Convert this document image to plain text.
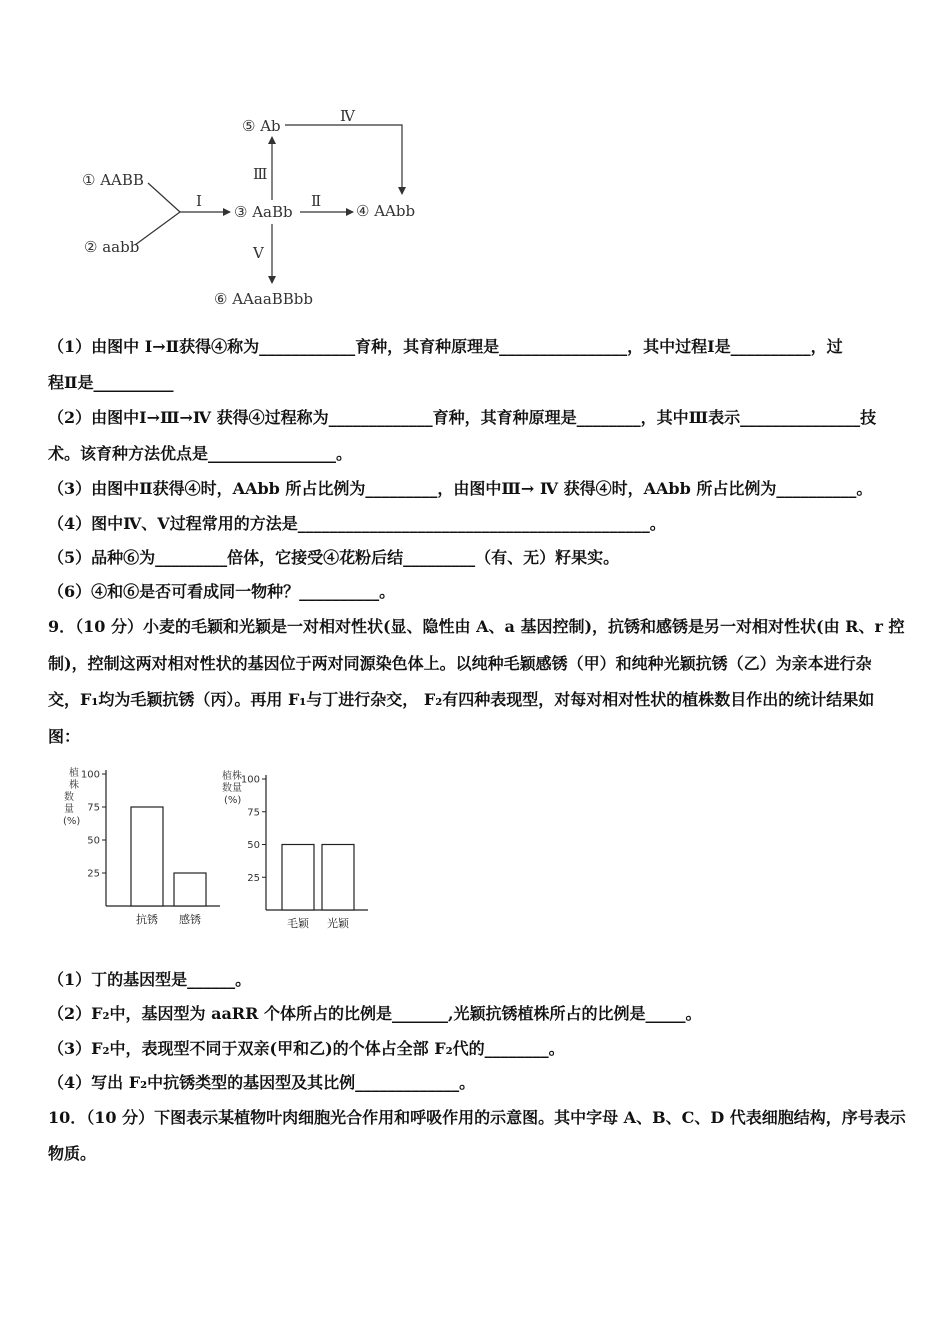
① AABB
② aabb
③ AaBb	④ AAbb
⑤ Ab
⑥ AAaaBBbb
Ⅰ	Ⅱ
Ⅲ
Ⅳ
Ⅴ
（1）由图中 Ⅰ→Ⅱ获得④称为____________育种，其育种原理是________________，其中过程Ⅰ是__________，过
程Ⅱ是__________
（2）由图中Ⅰ→Ⅲ→Ⅳ 获得④过程称为_____________育种，其育种原理是________，其中Ⅲ表示_______________技
术。该育种方法优点是________________。
（3）由图中Ⅱ获得④时，AAbb 所占比例为_________，由图中Ⅲ→ Ⅳ 获得④时，AAbb 所占比例为__________。
（4）图中Ⅳ、Ⅴ过程常用的方法是____________________________________________。
（5）品种⑥为_________倍体，它接受④花粉后结_________（有、无）籽果实。
（6）④和⑥是否可看成同一物种？__________。
9．（10 分）小麦的毛颖和光颖是一对相对性状(显、隐性由 A、a 基因控制)，抗锈和感锈是另一对相对性状(由 R、r 控
制)，控制这两对相对性状的基因位于两对同源染色体上。以纯种毛颖感锈（甲）和纯种光颖抗锈（乙）为亲本进行杂
交，F₁均为毛颖抗锈（丙）。再用 F₁与丁进行杂交， F₂有四种表现型，对每对相对性状的植株数目作出的统计结果如
图：
植
株
数
量
(%)
25
50
75
100
抗锈 感锈
植株
数量
(%)
25
50
75
100
毛颖 光颖
（1）丁的基因型是______。
（2）F₂中，基因型为 aaRR 个体所占的比例是_______,光颖抗锈植株所占的比例是_____。
（3）F₂中，表现型不同于双亲(甲和乙)的个体占全部 F₂代的________。
（4）写出 F₂中抗锈类型的基因型及其比例_____________。
10．（10 分）下图表示某植物叶肉细胞光合作用和呼吸作用的示意图。其中字母 A、B、C、D 代表细胞结构，序号表示
物质。
